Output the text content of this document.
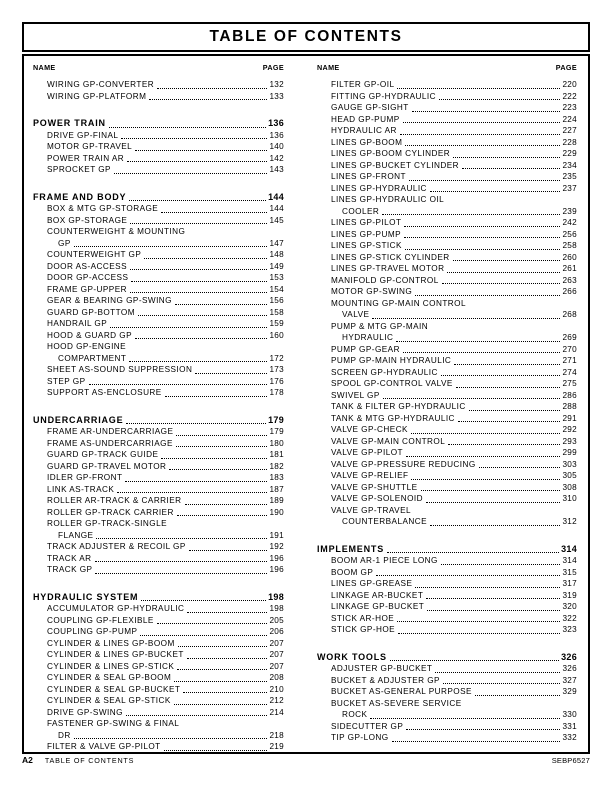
TABLE OF CONTENTS
NAME	PAGE	NAME	PAGE
WIRING GP-CONVERTER	132
WIRING GP-PLATFORM	133
POWER TRAIN	136
DRIVE GP-FINAL	136
MOTOR GP-TRAVEL	140
POWER TRAIN AR	142
SPROCKET GP	143
FRAME AND BODY	144
BOX & MTG GP-STORAGE	144
BOX GP-STORAGE	145
COUNTERWEIGHT & MOUNTING
GP	147
COUNTERWEIGHT GP	148
DOOR AS-ACCESS	149
DOOR GP-ACCESS	153
FRAME GP-UPPER	154
GEAR & BEARING GP-SWING	156
GUARD GP-BOTTOM	158
HANDRAIL GP	159
HOOD & GUARD GP	160
HOOD GP-ENGINE
COMPARTMENT	172
SHEET AS-SOUND SUPPRESSION	173
STEP GP	176
SUPPORT AS-ENCLOSURE	178
UNDERCARRIAGE	179
FRAME AR-UNDERCARRIAGE	179
FRAME AS-UNDERCARRIAGE	180
GUARD GP-TRACK GUIDE	181
GUARD GP-TRAVEL MOTOR	182
IDLER GP-FRONT	183
LINK AS-TRACK	187
ROLLER AR-TRACK & CARRIER	189
ROLLER GP-TRACK CARRIER	190
ROLLER GP-TRACK-SINGLE
FLANGE	191
TRACK ADJUSTER & RECOIL GP	192
TRACK AR	196
TRACK GP	196
HYDRAULIC SYSTEM	198
ACCUMULATOR GP-HYDRAULIC	198
COUPLING GP-FLEXIBLE	205
COUPLING GP-PUMP	206
CYLINDER & LINES GP-BOOM	207
CYLINDER & LINES GP-BUCKET	207
CYLINDER & LINES GP-STICK	207
CYLINDER & SEAL GP-BOOM	208
CYLINDER & SEAL GP-BUCKET	210
CYLINDER & SEAL GP-STICK	212
DRIVE GP-SWING	214
FASTENER GP-SWING & FINAL
DR	218
FILTER & VALVE GP-PILOT	219
FILTER GP-OIL	220
FITTING GP-HYDRAULIC	222
GAUGE GP-SIGHT	223
HEAD GP-PUMP	224
HYDRAULIC AR	227
LINES GP-BOOM	228
LINES GP-BOOM CYLINDER	229
LINES GP-BUCKET CYLINDER	234
LINES GP-FRONT	235
LINES GP-HYDRAULIC	237
LINES GP-HYDRAULIC OIL
COOLER	239
LINES GP-PILOT	242
LINES GP-PUMP	256
LINES GP-STICK	258
LINES GP-STICK CYLINDER	260
LINES GP-TRAVEL MOTOR	261
MANIFOLD GP-CONTROL	263
MOTOR GP-SWING	266
MOUNTING GP-MAIN CONTROL
VALVE	268
PUMP & MTG GP-MAIN
HYDRAULIC	269
PUMP GP-GEAR	270
PUMP GP-MAIN HYDRAULIC	271
SCREEN GP-HYDRAULIC	274
SPOOL GP-CONTROL VALVE	275
SWIVEL GP	286
TANK & FILTER GP-HYDRAULIC	288
TANK & MTG GP-HYDRAULIC	291
VALVE GP-CHECK	292
VALVE GP-MAIN CONTROL	293
VALVE GP-PILOT	299
VALVE GP-PRESSURE REDUCING	303
VALVE GP-RELIEF	305
VALVE GP-SHUTTLE	308
VALVE GP-SOLENOID	310
VALVE GP-TRAVEL
COUNTERBALANCE	312
IMPLEMENTS	314
BOOM AR-1 PIECE LONG	314
BOOM GP	315
LINES GP-GREASE	317
LINKAGE AR-BUCKET	319
LINKAGE GP-BUCKET	320
STICK AR-HOE	322
STICK GP-HOE	323
WORK TOOLS	326
ADJUSTER GP-BUCKET	326
BUCKET & ADJUSTER GP	327
BUCKET AS-GENERAL PURPOSE	329
BUCKET AS-SEVERE SERVICE
ROCK	330
SIDECUTTER GP	331
TIP GP-LONG	332
A2 TABLE OF CONTENTS	SEBP6527
